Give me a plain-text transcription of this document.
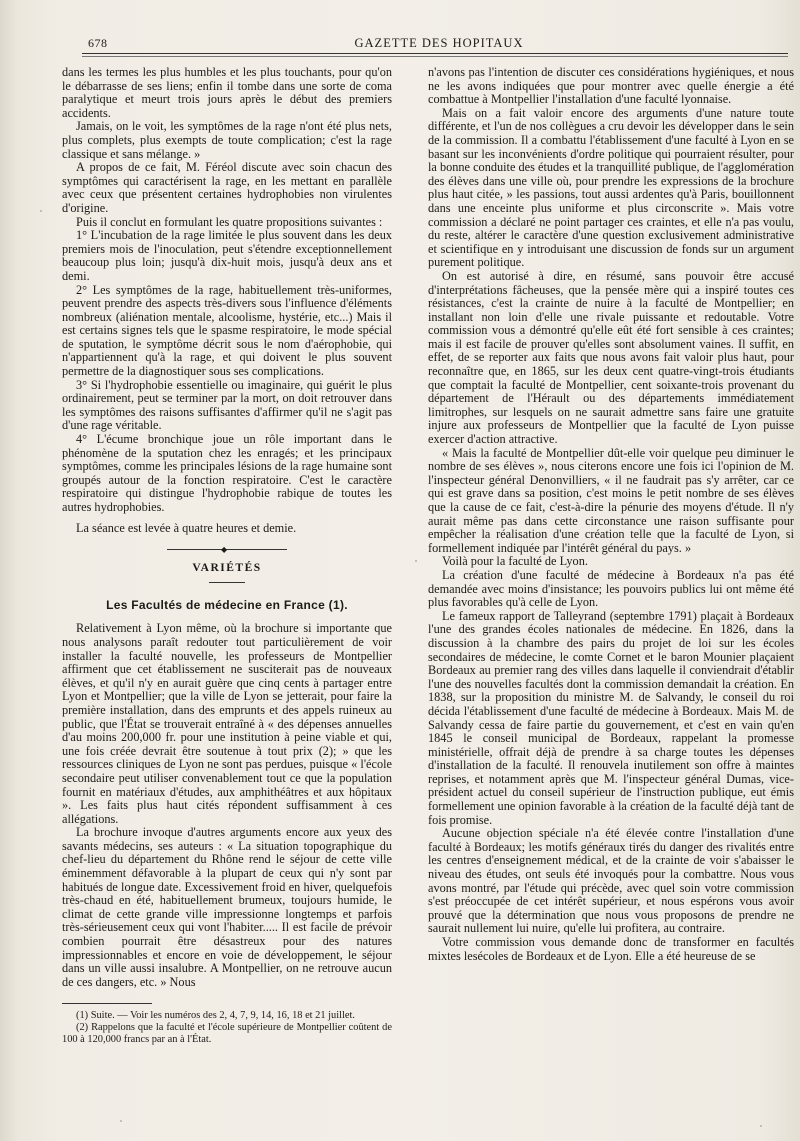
678	GAZETTE DES HOPITAUX

dans les termes les plus humbles et les plus touchants, pour qu'on le débarrasse de ses liens; enfin il tombe dans une sorte de coma paralytique et meurt trois jours après le début des premiers accidents.

Jamais, on le voit, les symptômes de la rage n'ont été plus nets, plus complets, plus exempts de toute complication; c'est la rage classique et sans mélange. »

A propos de ce fait, M. Féréol discute avec soin chacun des symptômes qui caractérisent la rage, en les mettant en parallèle avec ceux que présentent certaines hydrophobies non virulentes d'origine.

Puis il conclut en formulant les quatre propositions suivantes :

1° L'incubation de la rage limitée le plus souvent dans les deux premiers mois de l'inoculation, peut s'étendre exceptionnellement beaucoup plus loin; jusqu'à dix-huit mois, jusqu'à deux ans et demi.

2° Les symptômes de la rage, habituellement très-uniformes, peuvent prendre des aspects très-divers sous l'influence d'éléments nombreux (aliénation mentale, alcoolisme, hystérie, etc...) Mais il est certains signes tels que le spasme respiratoire, le mode spécial de sputation, le symptôme décrit sous le nom d'aérophobie, qui n'appartiennent qu'à la rage, et qui doivent le plus souvent permettre de la diagnostiquer sous ses complications.

3° Si l'hydrophobie essentielle ou imaginaire, qui guérit le plus ordinairement, peut se terminer par la mort, on doit retrouver dans les symptômes des raisons suffisantes d'affirmer qu'il ne s'agit pas d'une rage véritable.

4° L'écume bronchique joue un rôle important dans le phénomène de la sputation chez les enragés; et les principaux symptômes, comme les principales lésions de la rage humaine sont groupés autour de la fonction respiratoire. C'est le caractère respiratoire qui distingue l'hydrophobie rabique de toutes les autres hydrophobies.

La séance est levée à quatre heures et demie.

◆
VARIÉTÉS
Les Facultés de médecine en France (1).

Relativement à Lyon même, où la brochure si importante que nous analysons paraît redouter tout particulièrement de voir installer la faculté nouvelle, les professeurs de Montpellier affirment que cet établissement ne susciterait pas de nouveaux élèves, et qu'il n'y en aurait guère que cinq cents à partager entre Lyon et Montpellier; que la ville de Lyon se jetterait, pour faire la première installation, dans des emprunts et des appels ruineux au public, que l'État se trouverait entraîné à « des dépenses annuelles d'au moins 200,000 fr. pour une institution à peine viable et qui, une fois créée devrait être soutenue à tout prix (2); » que les ressources cliniques de Lyon ne sont pas perdues, puisque « l'école secondaire peut utiliser convenablement tout ce que la population fournit en matériaux d'études, aux amphithéâtres et aux hôpitaux ». Les faits plus haut cités répondent suffisamment à ces allégations.

La brochure invoque d'autres arguments encore aux yeux des savants médecins, ses auteurs : « La situation topographique du chef-lieu du département du Rhône rend le séjour de cette ville éminemment défavorable à la plupart de ceux qui n'y sont par habitués de longue date. Excessivement froid en hiver, quelquefois très-chaud en été, habituellement brumeux, toujours humide, le climat de cette grande ville impressionne longtemps et parfois très-sérieusement ceux qui vont l'habiter..... Il est facile de prévoir combien pourrait être désastreux pour des natures impressionnables et encore en voie de développement, le séjour dans un ville aussi insalubre. A Montpellier, on ne retrouve aucun de ces dangers, etc. » Nous

(1) Suite. — Voir les numéros des 2, 4, 7, 9, 14, 16, 18 et 21 juillet.

(2) Rappelons que la faculté et l'école supérieure de Montpellier coûtent de 100 à 120,000 francs par an à l'État.

n'avons pas l'intention de discuter ces considérations hygiéniques, et nous ne les avons indiquées que pour montrer avec quelle énergie a été combattue à Montpellier l'installation d'une faculté lyonnaise.

Mais on a fait valoir encore des arguments d'une nature toute différente, et l'un de nos collègues a cru devoir les développer dans le sein de la commission. Il a combattu l'établissement d'une faculté à Lyon en se basant sur les inconvénients d'ordre politique qui pourraient résulter, pour la bonne conduite des études et la tranquillité publique, de l'agglomération des élèves dans une ville où, pour prendre les expressions de la brochure plus haut citée, » les passions, tout aussi ardentes qu'à Paris, bouillonnent dans une enceinte plus uniforme et plus circonscrite ». Mais votre commission a déclaré ne point partager ces craintes, et elle n'a pas voulu, du reste, altérer le caractère d'une question exclusivement administrative et scientifique en y introduisant une discussion de fonds sur un argument purement politique.

On est autorisé à dire, en résumé, sans pouvoir être accusé d'interprétations fâcheuses, que la pensée mère qui a inspiré toutes ces résistances, c'est la crainte de nuire à la faculté de Montpellier; en installant non loin d'elle une rivale puissante et redoutable. Votre commission vous a démontré qu'elle eût été fort sensible à ces craintes; mais il est facile de prouver qu'elles sont absolument vaines. Il suffit, en effet, de se reporter aux faits que nous avons fait valoir plus haut, pour reconnaître que, en 1865, sur les deux cent quatre-vingt-trois étudiants que comptait la faculté de Montpellier, cent soixante-trois provenant du département de l'Hérault ou des départements immédiatement limitrophes, sur lesquels on ne saurait admettre sans faire une gratuite injure aux professeurs de Montpellier que la faculté de Lyon puisse exercer d'action attractive.

« Mais la faculté de Montpellier dût-elle voir quelque peu diminuer le nombre de ses élèves », nous citerons encore une fois ici l'opinion de M. l'inspecteur général Denonvilliers, « il ne faudrait pas s'y arrêter, car ce qui est grave dans sa position, c'est moins le petit nombre de ses élèves que la cause de ce fait, c'est-à-dire la pénurie des moyens d'étude. Il n'y aurait même pas dans cette circonstance une raison suffisante pour empêcher la réalisation d'une création telle que la faculté de Lyon, si formellement indiquée par l'intérêt général du pays. »

Voilà pour la faculté de Lyon.

La création d'une faculté de médecine à Bordeaux n'a pas été demandée avec moins d'insistance; les pouvoirs publics lui ont même été plus favorables qu'à celle de Lyon.

Le fameux rapport de Talleyrand (septembre 1791) plaçait à Bordeaux l'une des grandes écoles nationales de médecine. En 1826, dans la discussion à la chambre des pairs du projet de loi sur les écoles secondaires de médecine, le comte Cornet et le baron Mounier plaçaient Bordeaux au premier rang des villes dans laquelle il conviendrait d'établir l'une des nouvelles facultés dont la commission demandait la création. En 1838, sur la proposition du ministre M. de Salvandy, le conseil du roi décida l'établissement d'une faculté de médecine à Bordeaux. Mais M. de Salvandy cessa de faire partie du gouvernement, et c'est en vain qu'en 1845 le conseil municipal de Bordeaux, rappelant la promesse ministérielle, offrait déjà de prendre à sa charge toutes les dépenses d'installation de la faculté. Il renouvela inutilement son offre à maintes reprises, et notamment après que M. l'inspecteur général Dumas, vice-président actuel du conseil supérieur de l'instruction publique, eut émis formellement une opinion favorable à la création de la faculté déjà tant de fois promise.

Aucune objection spéciale n'a été élevée contre l'installation d'une faculté à Bordeaux; les motifs généraux tirés du danger des rivalités entre les centres d'enseignement médical, et de la crainte de voir s'abaisser le niveau des études, ont seuls été invoqués pour la combattre. Nous vous avons montré, par l'étude qui précède, avec quel soin votre commission s'est préoccupée de cet intérêt supérieur, et nous espérons vous avoir prouvé que la détermination que nous vous proposons de prendre ne saurait nullement lui nuire, qu'elle lui profitera, au contraire.

Votre commission vous demande donc de transformer en facultés mixtes lesécoles de Bordeaux et de Lyon. Elle a été heureuse de se
